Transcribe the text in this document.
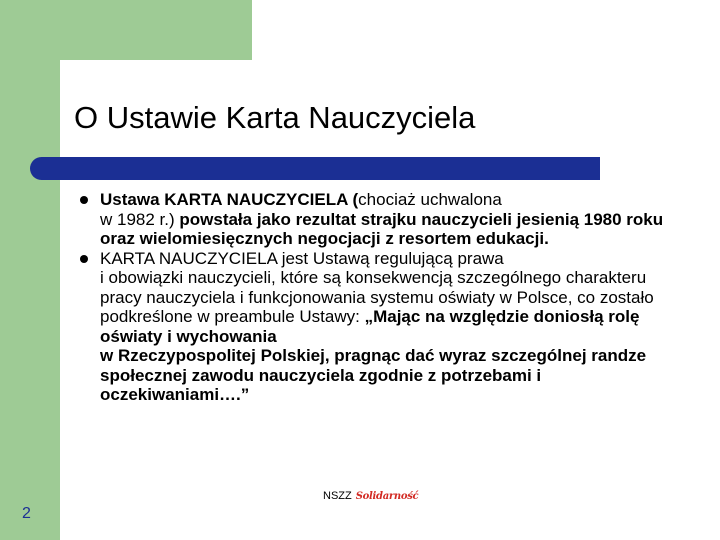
O Ustawie Karta Nauczyciela
Ustawa KARTA NAUCZYCIELA (chociaż uchwalona
w 1982 r.) powstała jako rezultat strajku nauczycieli jesienią 1980 roku oraz wielomiesięcznych negocjacji z resortem edukacji.
KARTA NAUCZYCIELA jest Ustawą regulującą prawa
i obowiązki nauczycieli, które są konsekwencją szczególnego charakteru pracy nauczyciela i funkcjonowania systemu oświaty w Polsce, co zostało podkreślone w preambule Ustawy: „Mając na względzie doniosłą rolę oświaty i wychowania
w Rzeczypospolitej Polskiej, pragnąc dać wyraz szczególnej randze społecznej zawodu nauczyciela zgodnie z potrzebami i oczekiwaniami….”
NSZZ Solidarność
2
